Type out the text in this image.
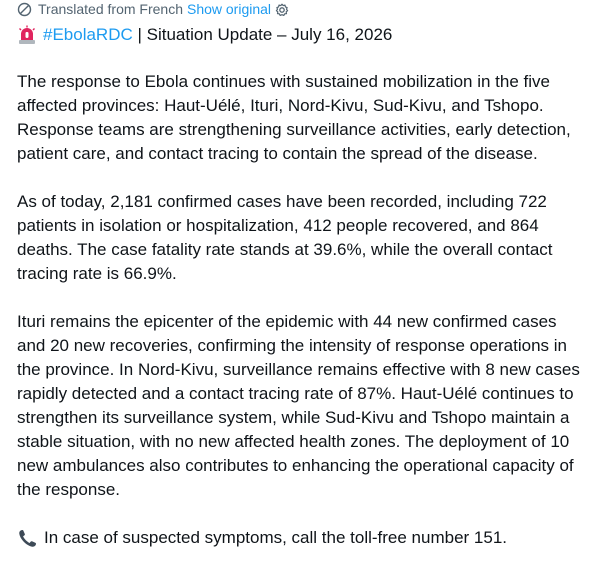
Translated from French Show original
#EbolaRDC | Situation Update – July 16, 2026

The response to Ebola continues with sustained mobilization in the five affected provinces: Haut-Uélé, Ituri, Nord-Kivu, Sud-Kivu, and Tshopo. Response teams are strengthening surveillance activities, early detection, patient care, and contact tracing to contain the spread of the disease.

As of today, 2,181 confirmed cases have been recorded, including 722 patients in isolation or hospitalization, 412 people recovered, and 864 deaths. The case fatality rate stands at 39.6%, while the overall contact tracing rate is 66.9%.

Ituri remains the epicenter of the epidemic with 44 new confirmed cases and 20 new recoveries, confirming the intensity of response operations in the province. In Nord-Kivu, surveillance remains effective with 8 new cases rapidly detected and a contact tracing rate of 87%. Haut-Uélé continues to strengthen its surveillance system, while Sud-Kivu and Tshopo maintain a stable situation, with no new affected health zones. The deployment of 10 new ambulances also contributes to enhancing the operational capacity of the response.

In case of suspected symptoms, call the toll-free number 151.
